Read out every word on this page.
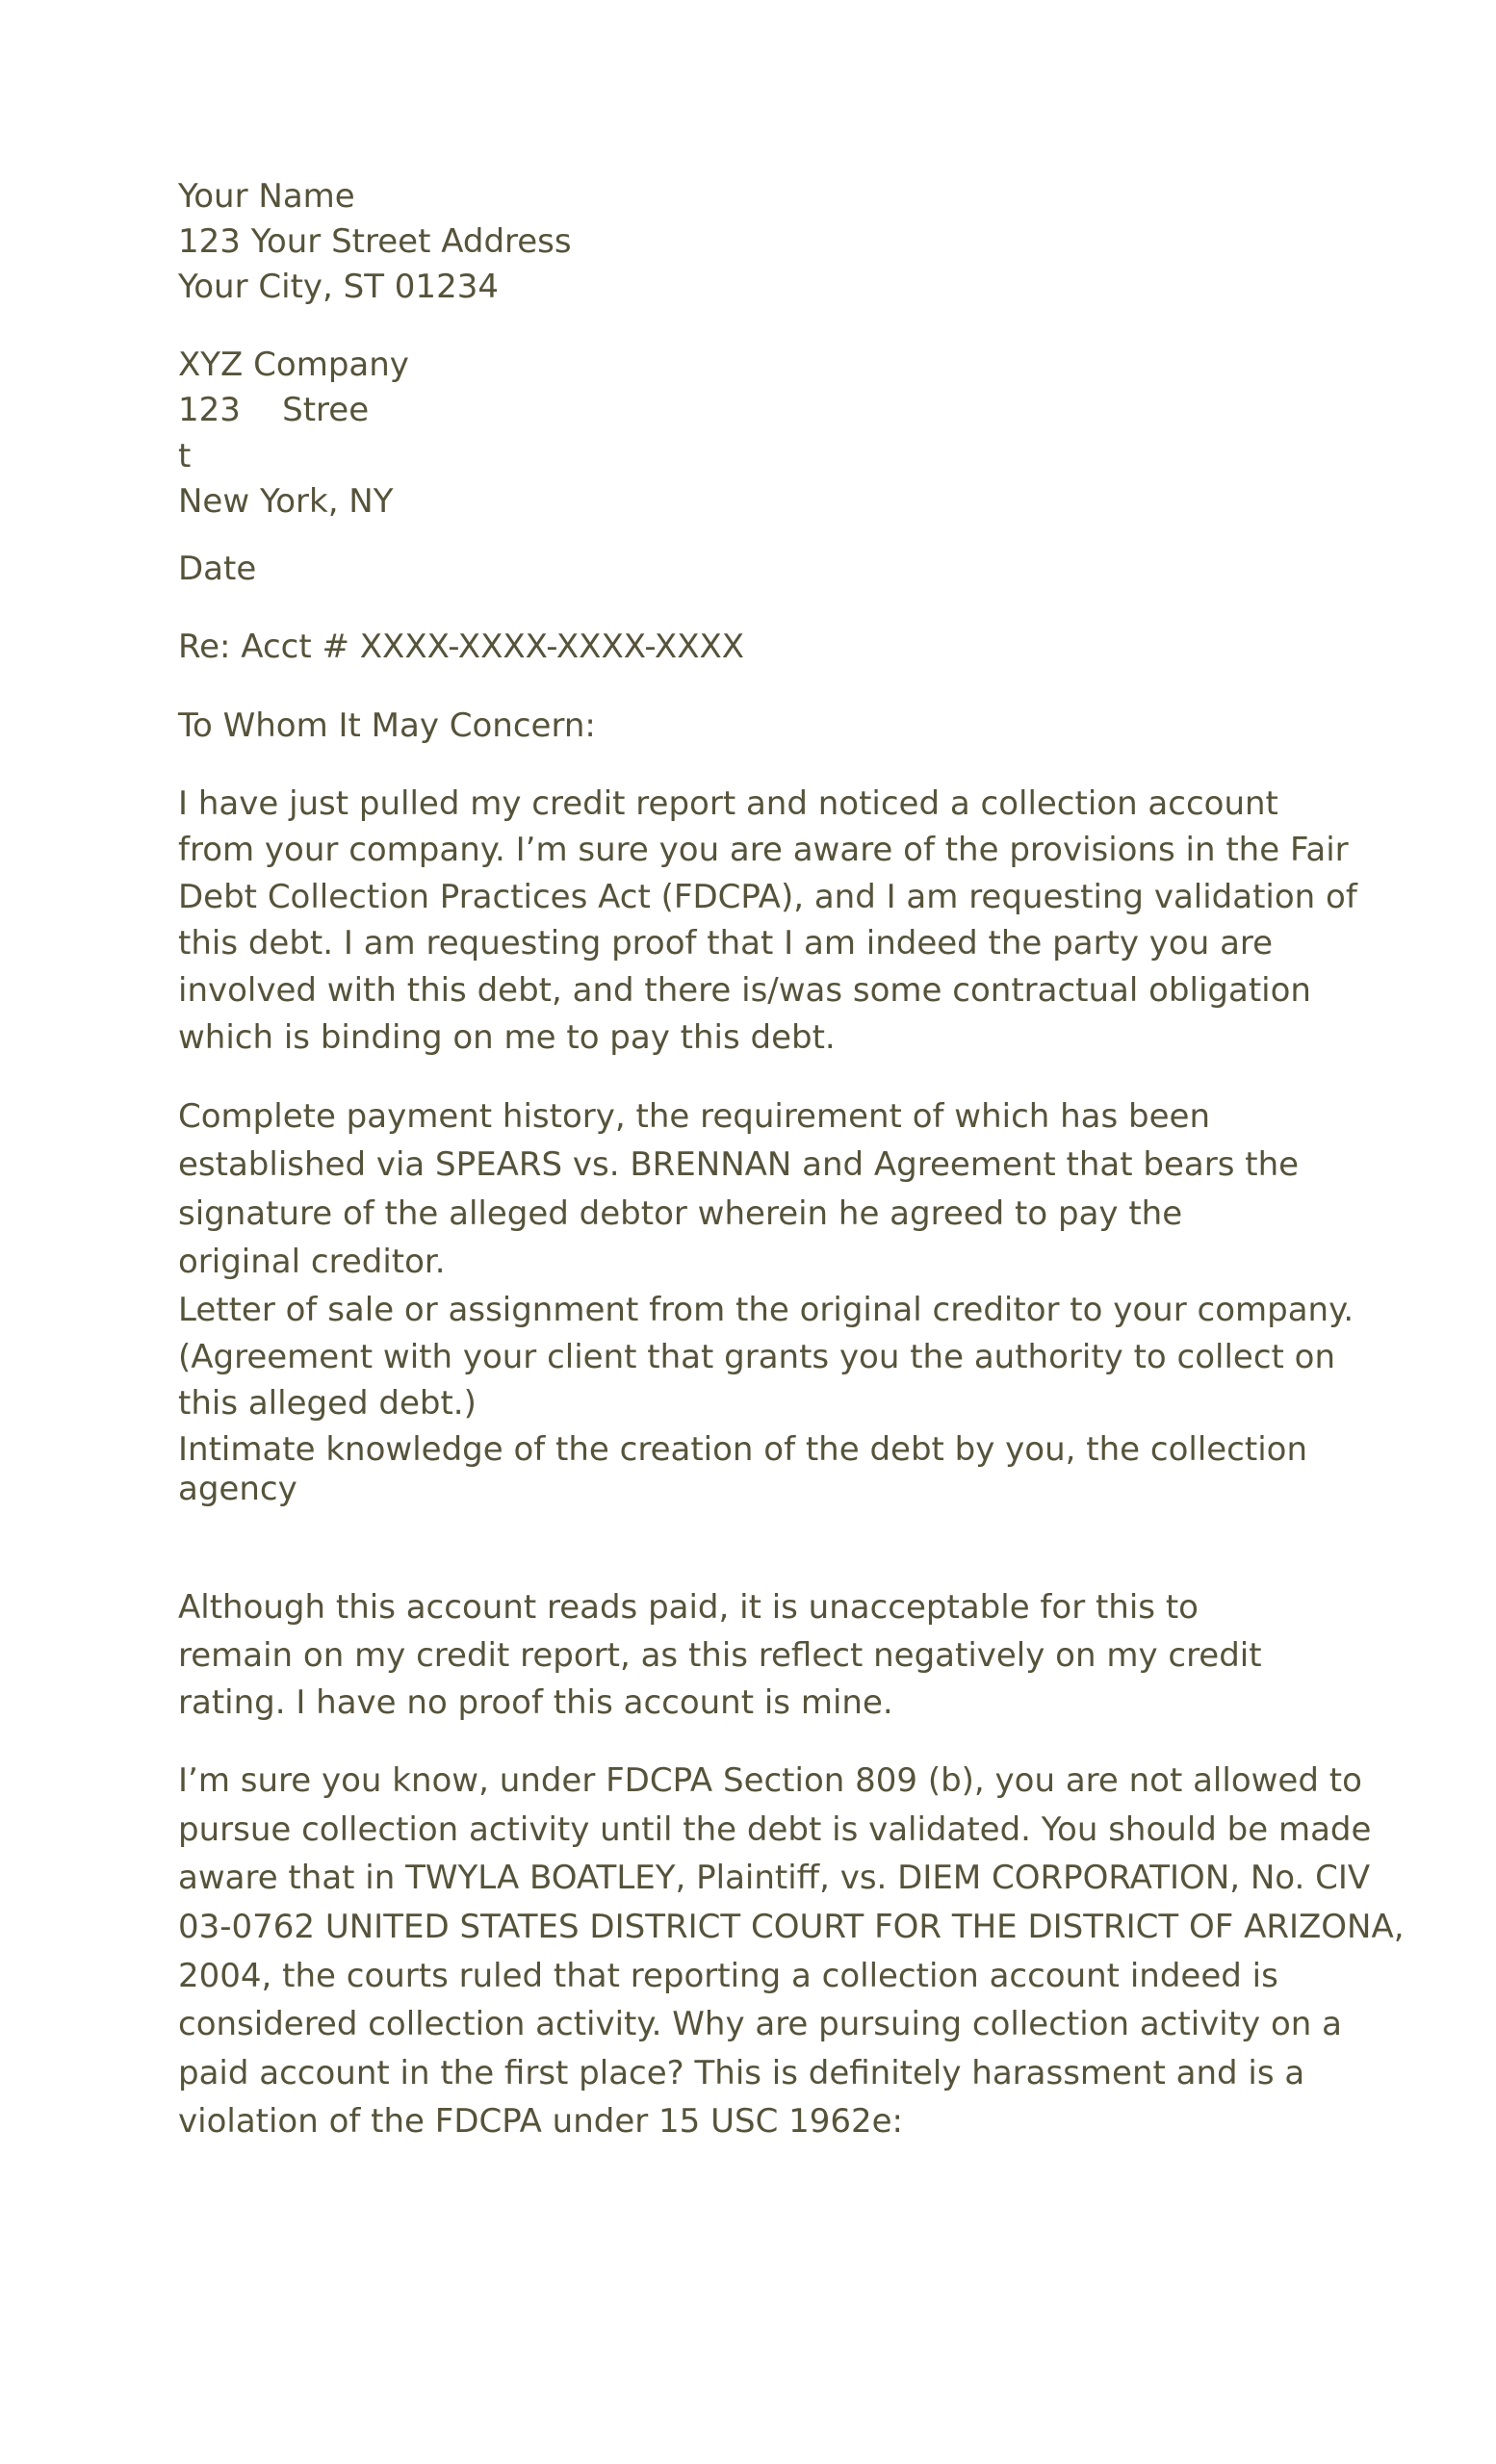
Your Name

123 Your Street Address

Your City, ST 01234

XYZ Company

123    Stree

t

New York, NY

Date

Re: Acct # XXXX-XXXX-XXXX-XXXX

To Whom It May Concern:

I have just pulled my credit report and noticed a collection account

from your company. I’m sure you are aware of the provisions in the Fair

Debt Collection Practices Act (FDCPA), and I am requesting validation of

this debt. I am requesting proof that I am indeed the party you are

involved with this debt, and there is/was some contractual obligation

which is binding on me to pay this debt.

Complete payment history, the requirement of which has been

established via SPEARS vs. BRENNAN and Agreement that bears the

signature of the alleged debtor wherein he agreed to pay the

original creditor.

Letter of sale or assignment from the original creditor to your company.

(Agreement with your client that grants you the authority to collect on

this alleged debt.)

Intimate knowledge of the creation of the debt by you, the collection

agency

Although this account reads paid, it is unacceptable for this to

remain on my credit report, as this reflect negatively on my credit

rating. I have no proof this account is mine.

I’m sure you know, under FDCPA Section 809 (b), you are not allowed to

pursue collection activity until the debt is validated. You should be made

aware that in TWYLA BOATLEY, Plaintiff, vs. DIEM CORPORATION, No. CIV

03-0762 UNITED STATES DISTRICT COURT FOR THE DISTRICT OF ARIZONA,

2004, the courts ruled that reporting a collection account indeed is

considered collection activity. Why are pursuing collection activity on a

paid account in the first place? This is definitely harassment and is a

violation of the FDCPA under 15 USC 1962e:
